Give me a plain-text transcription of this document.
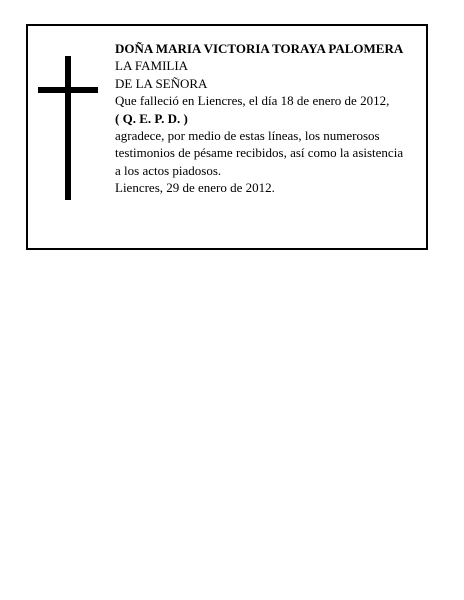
DOÑA MARIA VICTORIA TORAYA PALOMERA
LA FAMILIA
DE LA SEÑORA
Que falleció en Liencres, el día 18 de enero de 2012,
( Q. E. P. D. )
agradece, por medio de estas líneas, los numerosos
testimonios de pésame recibidos, así como la asistencia
a los actos piadosos.
Liencres, 29 de enero de 2012.
